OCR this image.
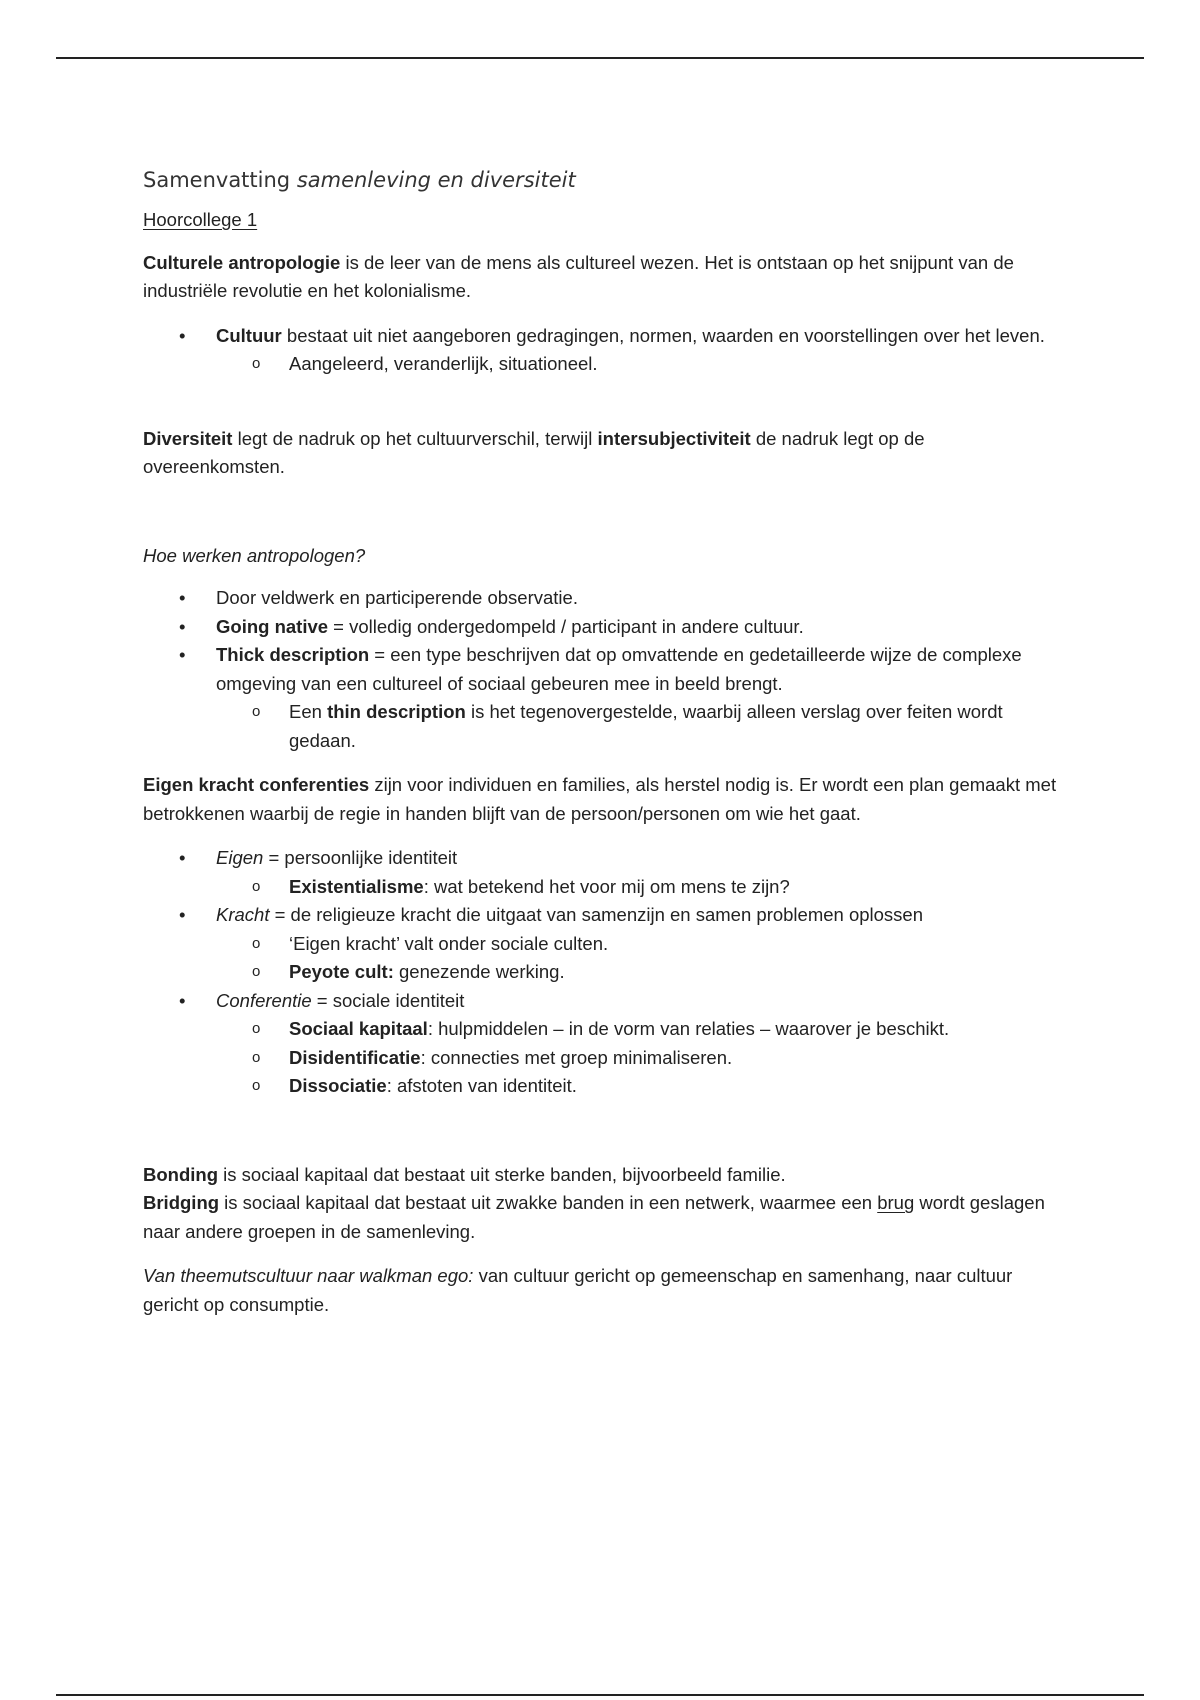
Samenvatting samenleving en diversiteit
Hoorcollege 1

Culturele antropologie is de leer van de mens als cultureel wezen. Het is ontstaan op het snijpunt van de industriële revolutie en het kolonialisme.

• Cultuur bestaat uit niet aangeboren gedragingen, normen, waarden en voorstellingen over het leven.
o Aangeleerd, veranderlijk, situationeel.

Diversiteit legt de nadruk op het cultuurverschil, terwijl intersubjectiviteit de nadruk legt op de overeenkomsten.

Hoe werken antropologen?

• Door veldwerk en participerende observatie.
• Going native = volledig ondergedompeld / participant in andere cultuur.
• Thick description = een type beschrijven dat op omvattende en gedetailleerde wijze de complexe omgeving van een cultureel of sociaal gebeuren mee in beeld brengt.
o Een thin description is het tegenovergestelde, waarbij alleen verslag over feiten wordt gedaan.

Eigen kracht conferenties zijn voor individuen en families, als herstel nodig is. Er wordt een plan gemaakt met betrokkenen waarbij de regie in handen blijft van de persoon/personen om wie het gaat.

• Eigen = persoonlijke identiteit
o Existentialisme: wat betekend het voor mij om mens te zijn?
• Kracht = de religieuze kracht die uitgaat van samenzijn en samen problemen oplossen
o ‘Eigen kracht’ valt onder sociale culten.
o Peyote cult: genezende werking.
• Conferentie = sociale identiteit
o Sociaal kapitaal: hulpmiddelen – in de vorm van relaties – waarover je beschikt.
o Disidentificatie: connecties met groep minimaliseren.
o Dissociatie: afstoten van identiteit.

Bonding is sociaal kapitaal dat bestaat uit sterke banden, bijvoorbeeld familie.
Bridging is sociaal kapitaal dat bestaat uit zwakke banden in een netwerk, waarmee een brug wordt geslagen naar andere groepen in de samenleving.

Van theemutscultuur naar walkman ego: van cultuur gericht op gemeenschap en samenhang, naar cultuur gericht op consumptie.
